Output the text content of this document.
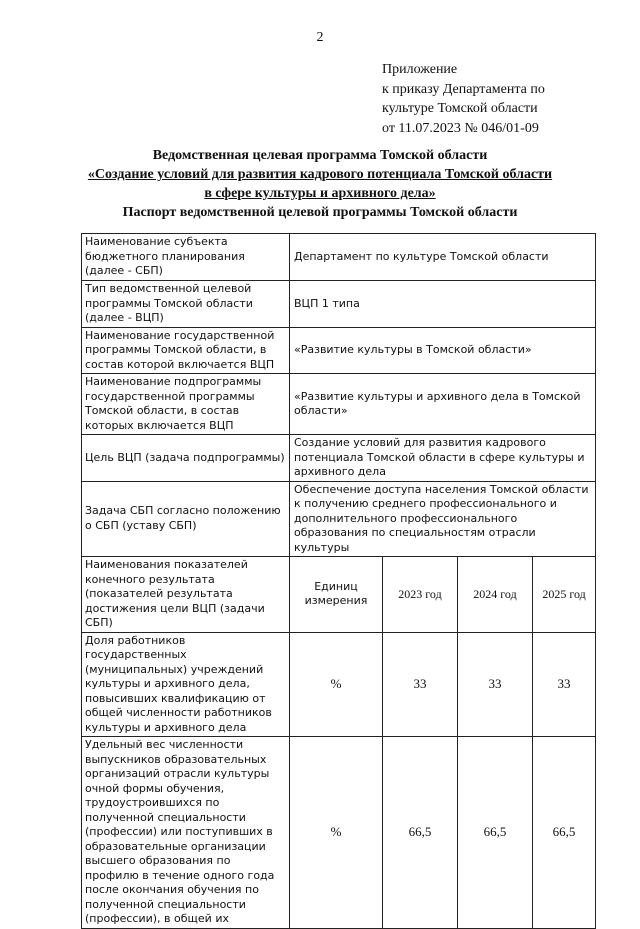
2
Приложение
к приказу Департамента по
культуре Томской области
от 11.07.2023 № 046/01-09
Ведомственная целевая программа Томской области
«Создание условий для развития кадрового потенциала Томской области
в сфере культуры и архивного дела»
Паспорт ведомственной целевой программы Томской области
Наименование субъекта бюджетного планирования (далее - СБП)	Департамент по культуре Томской области			
Тип ведомственной целевой программы Томской области (далее - ВЦП)	ВЦП 1 типа			
Наименование государственной программы Томской области, в состав которой включается ВЦП	«Развитие культуры в Томской области»			
Наименование подпрограммы государственной программы Томской области, в состав которых включается ВЦП	«Развитие культуры и архивного дела в Томской области»			
Цель ВЦП (задача подпрограммы)	Создание условий для развития кадрового потенциала Томской области в сфере культуры и архивного дела			
Задача СБП согласно положению о СБП (уставу СБП)	Обеспечение доступа населения Томской области к получению среднего профессионального и дополнительного профессионального образования по специальностям отрасли культуры			
Наименования показателей конечного результата (показателей результата достижения цели ВЦП (задачи СБП)	Единиц измерения	2023 год	2024 год	2025 год
Доля работников государственных (муниципальных) учреждений культуры и архивного дела, повысивших квалификацию от общей численности работников культуры и архивного дела	%	33	33	33
Удельный вес численности выпускников образовательных организаций отрасли культуры очной формы обучения, трудоустроившихся по полученной специальности (профессии) или поступивших в образовательные организации высшего образования по профилю в течение одного года после окончания обучения по полученной специальности (профессии), в общей их	%	66,5	66,5	66,5
